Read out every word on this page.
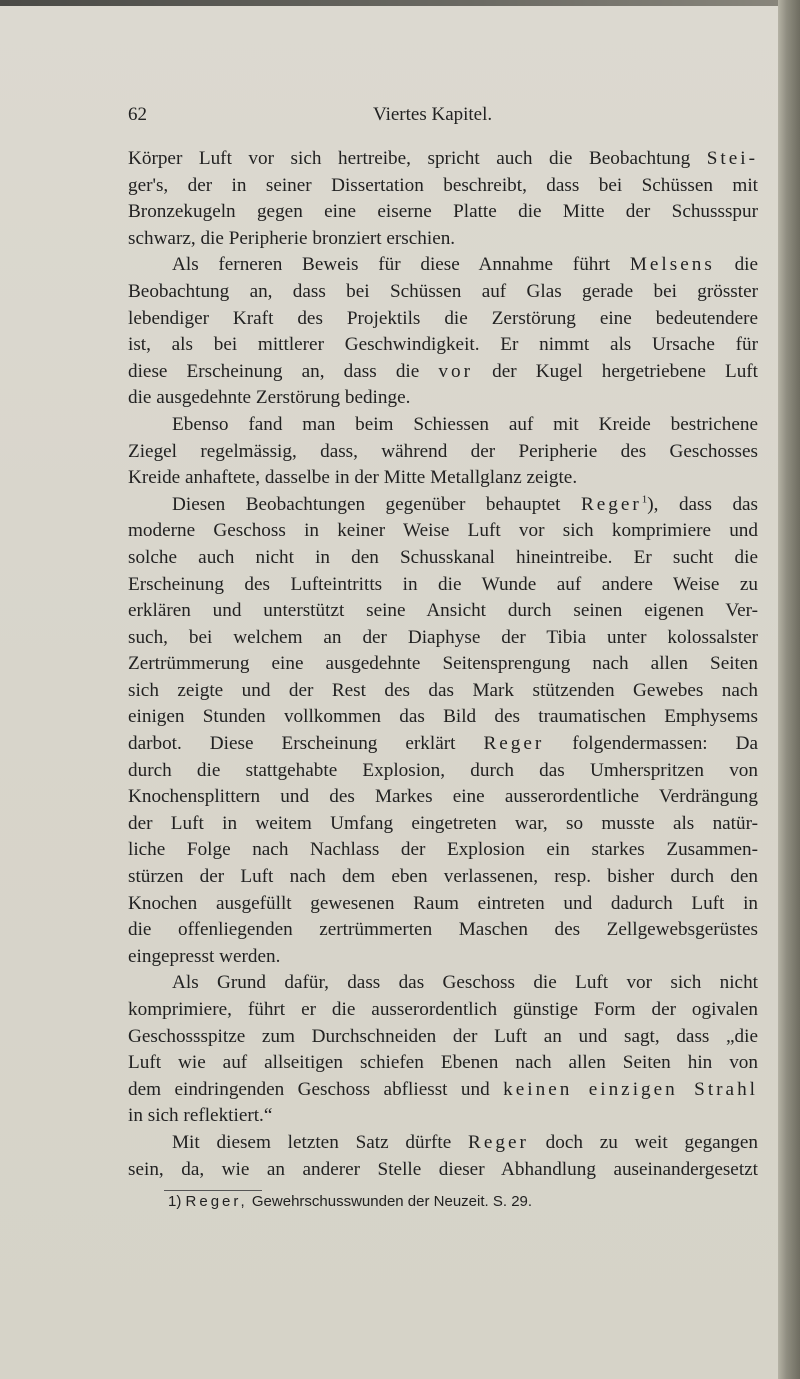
62	Viertes Kapitel.
Körper Luft vor sich hertreibe, spricht auch die Beobachtung Stei-
ger's, der in seiner Dissertation beschreibt, dass bei Schüssen mit
Bronzekugeln gegen eine eiserne Platte die Mitte der Schussspur
schwarz, die Peripherie bronziert erschien.
Als ferneren Beweis für diese Annahme führt Melsens die
Beobachtung an, dass bei Schüssen auf Glas gerade bei grösster
lebendiger Kraft des Projektils die Zerstörung eine bedeutendere
ist, als bei mittlerer Geschwindigkeit. Er nimmt als Ursache für
diese Erscheinung an, dass die vor der Kugel hergetriebene Luft
die ausgedehnte Zerstörung bedinge.
Ebenso fand man beim Schiessen auf mit Kreide bestrichene
Ziegel regelmässig, dass, während der Peripherie des Geschosses
Kreide anhaftete, dasselbe in der Mitte Metallglanz zeigte.
Diesen Beobachtungen gegenüber behauptet Reger$^1$), dass das
moderne Geschoss in keiner Weise Luft vor sich komprimiere und
solche auch nicht in den Schusskanal hineintreibe. Er sucht die
Erscheinung des Lufteintritts in die Wunde auf andere Weise zu
erklären und unterstützt seine Ansicht durch seinen eigenen Ver-
such, bei welchem an der Diaphyse der Tibia unter kolossalster
Zertrümmerung eine ausgedehnte Seitensprengung nach allen Seiten
sich zeigte und der Rest des das Mark stützenden Gewebes nach
einigen Stunden vollkommen das Bild des traumatischen Emphysems
darbot. Diese Erscheinung erklärt Reger folgendermassen: Da
durch die stattgehabte Explosion, durch das Umherspritzen von
Knochensplittern und des Markes eine ausserordentliche Verdrängung
der Luft in weitem Umfang eingetreten war, so musste als natür-
liche Folge nach Nachlass der Explosion ein starkes Zusammen-
stürzen der Luft nach dem eben verlassenen, resp. bisher durch den
Knochen ausgefüllt gewesenen Raum eintreten und dadurch Luft in
die offenliegenden zertrümmerten Maschen des Zellgewebsgerüstes
eingepresst werden.
Als Grund dafür, dass das Geschoss die Luft vor sich nicht
komprimiere, führt er die ausserordentlich günstige Form der ogivalen
Geschossspitze zum Durchschneiden der Luft an und sagt, dass „die
Luft wie auf allseitigen schiefen Ebenen nach allen Seiten hin von
dem eindringenden Geschoss abfliesst und keinen einzigen Strahl
in sich reflektiert.“
Mit diesem letzten Satz dürfte Reger doch zu weit gegangen
sein, da, wie an anderer Stelle dieser Abhandlung auseinandergesetzt
1) Reger, Gewehrschusswunden der Neuzeit. S. 29.
